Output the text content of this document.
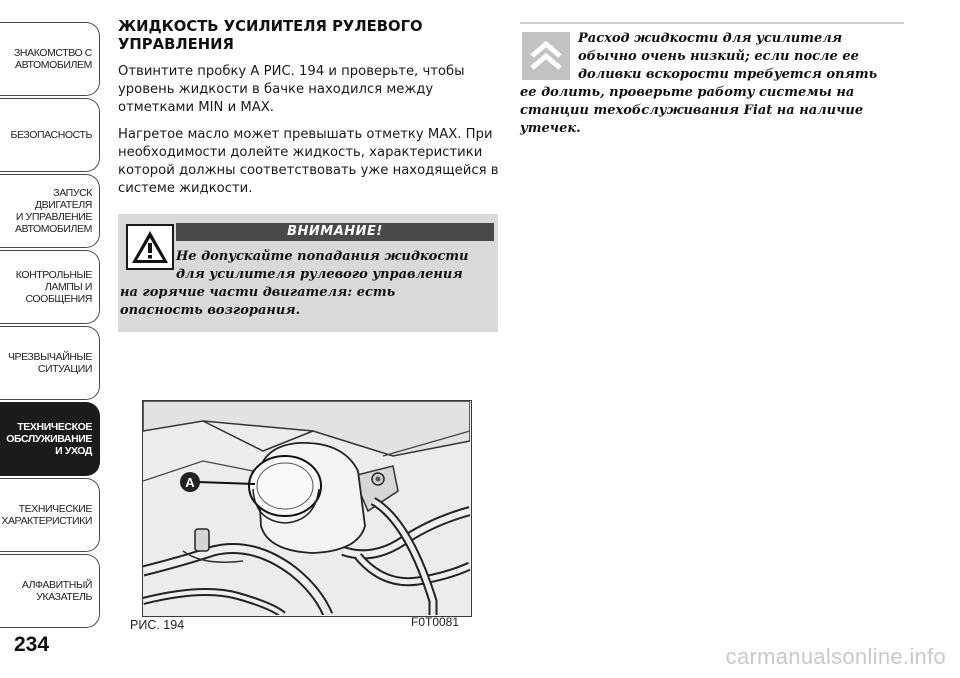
ЗНАКОМСТВО С
АВТОМОБИЛЕМ
БЕЗОПАСНОСТЬ
ЗАПУСК ДВИГАТЕЛЯ
И УПРАВЛЕНИЕ
АВТОМОБИЛЕМ
КОНТРОЛЬНЫЕ
ЛАМПЫ И
СООБЩЕНИЯ
ЧРЕЗВЫЧАЙНЫЕ
СИТУАЦИИ
ТЕХНИЧЕСКОЕ
ОБСЛУЖИВАНИЕ
И УХОД
ТЕХНИЧЕСКИЕ
ХАРАКТЕРИСТИКИ
АЛФАВИТНЫЙ
УКАЗАТЕЛЬ
234
ЖИДКОСТЬ УСИЛИТЕЛЯ РУЛЕВОГО
УПРАВЛЕНИЯ

Отвинтите пробку A РИС. 194 и проверьте, чтобы уровень жидкости в бачке находился между отметками MIN и MAX.

Нагретое масло может превышать отметку MAX. При необходимости долейте жидкость, характеристики которой должны соответствовать уже находящейся в системе жидкости.

ВНИМАНИЕ!
Не допускайте попадания жидкости
для усилителя рулевого управления
на горячие части двигателя: есть
опасность возгорания.
A
РИС. 194	F0T0081
Расход жидкости для усилителя
обычно очень низкий; если после ее
доливки вскорости требуется опять
ее долить, проверьте работу системы на
станции техобслуживания Fiat на наличие
утечек.
carmanualsonline.info
